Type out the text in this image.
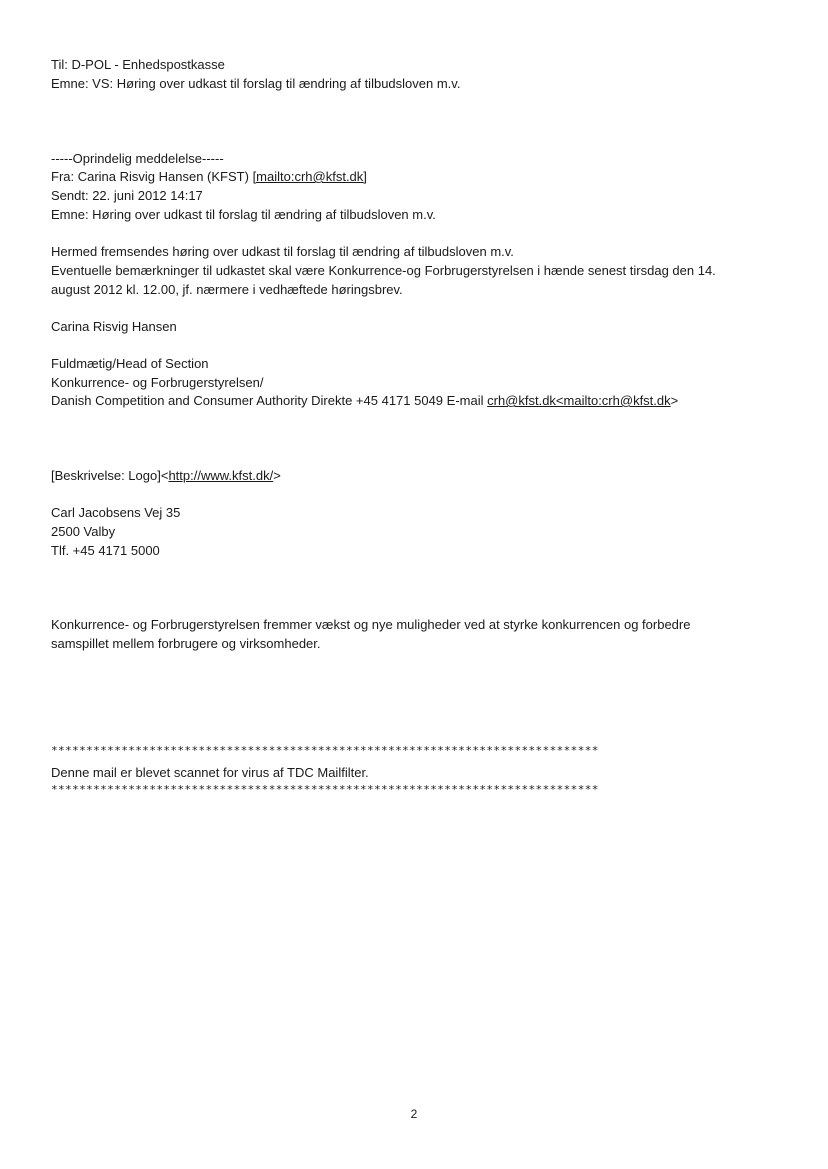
Til: D-POL - Enhedspostkasse
Emne: VS: Høring over udkast til forslag til ændring af tilbudsloven m.v.
-----Oprindelig meddelelse-----
Fra: Carina Risvig Hansen (KFST) [mailto:crh@kfst.dk]
Sendt: 22. juni 2012 14:17
Emne: Høring over udkast til forslag til ændring af tilbudsloven m.v.
Hermed fremsendes høring over udkast til forslag til ændring af tilbudsloven m.v.
Eventuelle bemærkninger til udkastet skal være Konkurrence-og Forbrugerstyrelsen i hænde senest tirsdag den 14.
august 2012 kl. 12.00, jf. nærmere i vedhæftede høringsbrev.
Carina Risvig Hansen
Fuldmætig/Head of Section
Konkurrence- og Forbrugerstyrelsen/
Danish Competition and Consumer Authority Direkte +45 4171 5049 E-mail crh@kfst.dk<mailto:crh@kfst.dk>
[Beskrivelse: Logo]<http://www.kfst.dk/>
Carl Jacobsens Vej 35
2500 Valby
Tlf. +45 4171 5000
Konkurrence- og Forbrugerstyrelsen fremmer vækst og nye muligheder ved at styrke konkurrencen og forbedre
samspillet mellem forbrugere og virksomheder.
******************************************************************************
Denne mail er blevet scannet for virus af TDC Mailfilter.
******************************************************************************
2
